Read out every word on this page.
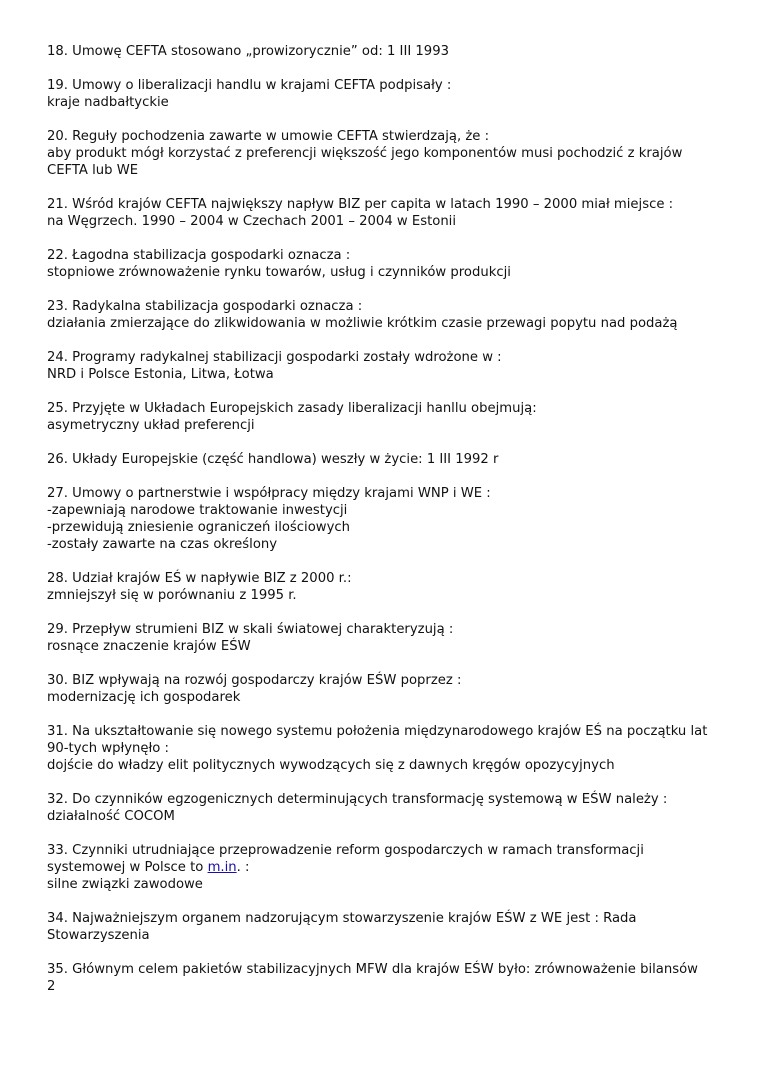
18. Umowę CEFTA stosowano „prowizorycznie” od: 1 III 1993
19. Umowy o liberalizacji handlu w krajami CEFTA podpisały :
kraje nadbałtyckie
20. Reguły pochodzenia zawarte w umowie CEFTA stwierdzają, że :
aby produkt mógł korzystać z preferencji większość jego komponentów musi pochodzić z krajów CEFTA lub WE
21. Wśród krajów CEFTA największy napływ BIZ per capita w latach 1990 – 2000 miał miejsce :
na Węgrzech. 1990 – 2004 w Czechach 2001 – 2004 w Estonii
22. Łagodna stabilizacja gospodarki oznacza :
stopniowe zrównoważenie rynku towarów, usług i czynników produkcji
23. Radykalna stabilizacja gospodarki oznacza :
działania zmierzające do zlikwidowania w możliwie krótkim czasie przewagi popytu nad podażą
24. Programy radykalnej stabilizacji gospodarki zostały wdrożone w :
NRD i Polsce Estonia, Litwa, Łotwa
25. Przyjęte w Układach Europejskich zasady liberalizacji hanllu obejmują:
asymetryczny układ preferencji
26. Układy Europejskie (część handlowa) weszły w życie: 1 III 1992 r
27. Umowy o partnerstwie i współpracy między krajami WNP i WE :
-zapewniają narodowe traktowanie inwestycji
-przewidują zniesienie ograniczeń ilościowych
-zostały zawarte na czas określony
28. Udział krajów EŚ w napływie BIZ z 2000 r.:
zmniejszył się w porównaniu z 1995 r.
29. Przepływ strumieni BIZ w skali światowej charakteryzują :
rosnące znaczenie krajów EŚW
30. BIZ wpływają na rozwój gospodarczy krajów EŚW poprzez :
modernizację ich gospodarek
31. Na ukształtowanie się nowego systemu położenia międzynarodowego krajów EŚ na początku lat 90-tych wpłynęło :
dojście do władzy elit politycznych wywodzących się z dawnych kręgów opozycyjnych
32. Do czynników egzogenicznych determinujących transformację systemową w EŚW należy :
działalność COCOM
33. Czynniki utrudniające przeprowadzenie reform gospodarczych w ramach transformacji systemowej w Polsce to m.in. :
silne związki zawodowe
34. Najważniejszym organem nadzorującym stowarzyszenie krajów EŚW z WE jest : Rada Stowarzyszenia
35. Głównym celem pakietów stabilizacyjnych MFW dla krajów EŚW było: zrównoważenie bilansów
2
